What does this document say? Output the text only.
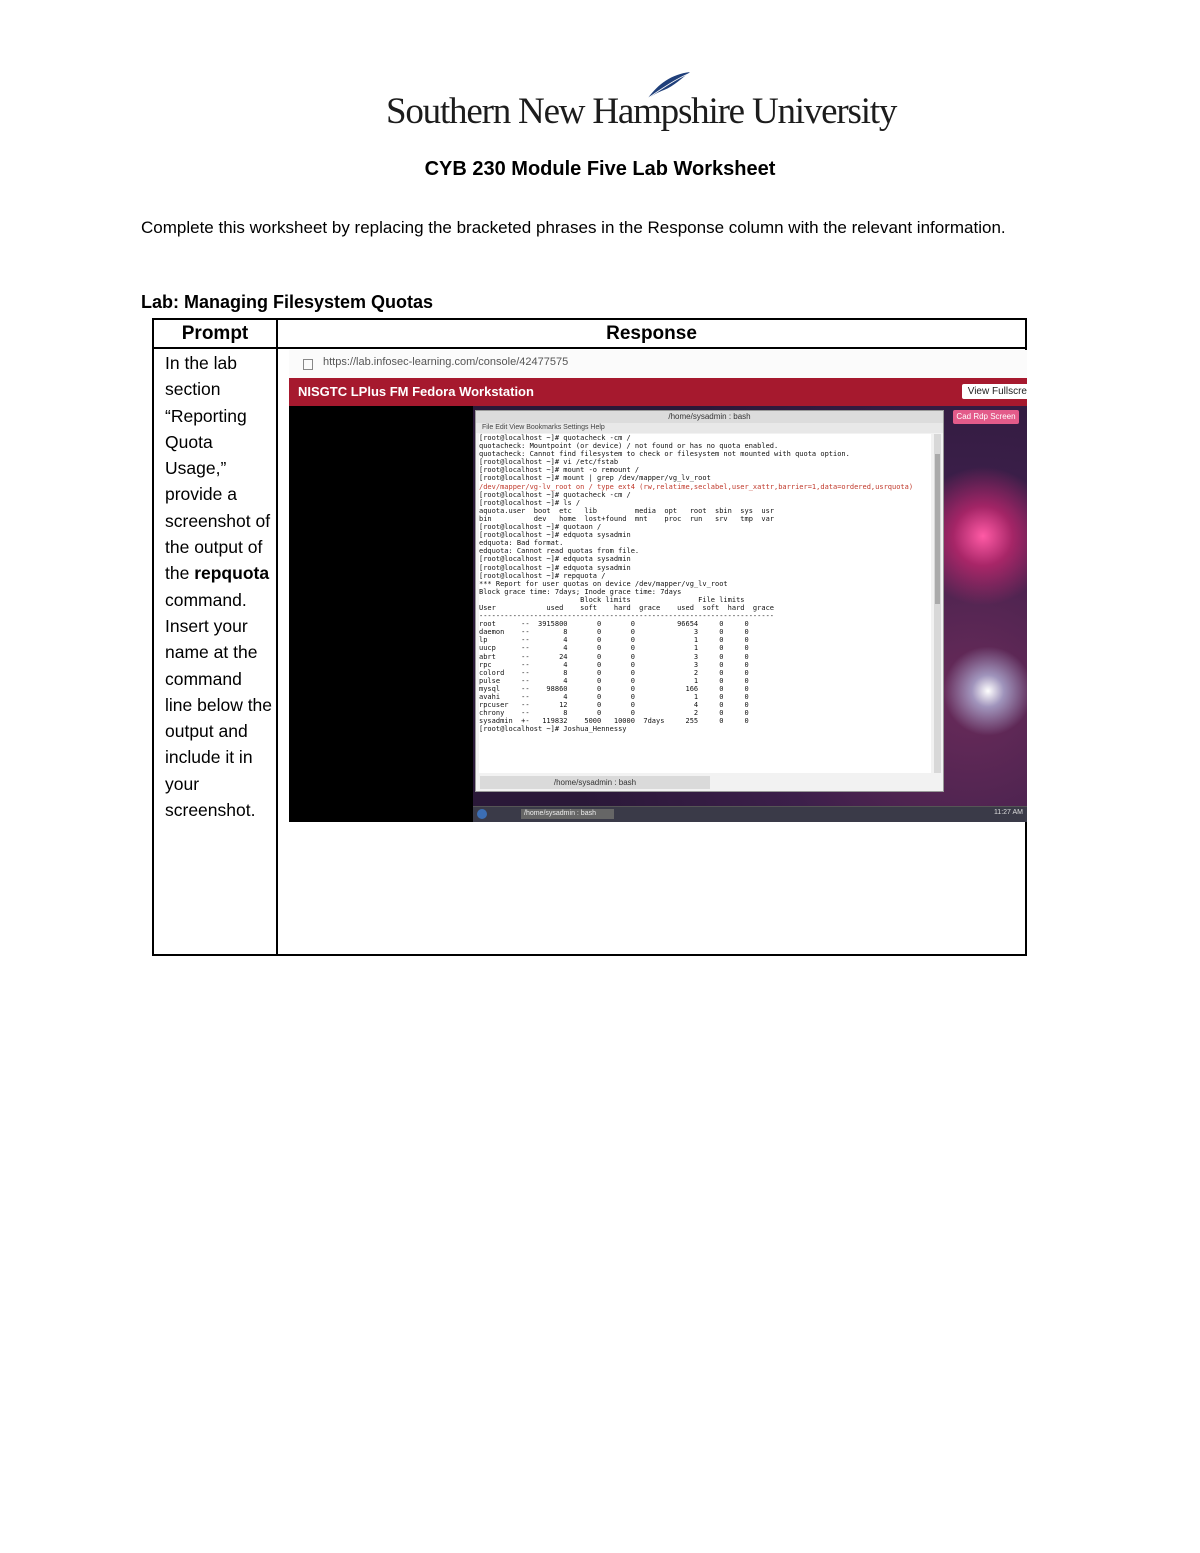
Southern New Hampshire University
CYB 230 Module Five Lab Worksheet
Complete this worksheet by replacing the bracketed phrases in the Response column with the relevant information.
Lab: Managing Filesystem Quotas
Prompt	Response
In the lab section “Reporting Quota Usage,” provide a screenshot of the output of the repquota command. Insert your name at the command line below the output and include it in your screenshot.
https://lab.infosec-learning.com/console/42477575
NISGTC LPlus FM Fedora Workstation	View Fullscre
Cad Rdp Screen
/home/sysadmin : bash
File Edit View Bookmarks Settings Help
[root@localhost ~]# quotacheck -cm /
quotacheck: Mountpoint (or device) / not found or has no quota enabled.
quotacheck: Cannot find filesystem to check or filesystem not mounted with quota option.
[root@localhost ~]# vi /etc/fstab
[root@localhost ~]# mount -o remount /
[root@localhost ~]# mount | grep /dev/mapper/vg_lv_root
/dev/mapper/vg-lv_root on / type ext4 (rw,relatime,seclabel,user_xattr,barrier=1,data=ordered,usrquota)
[root@localhost ~]# quotacheck -cm /
[root@localhost ~]# ls /
aquota.user  boot  etc   lib         media  opt   root  sbin  sys  usr
bin          dev   home  lost+found  mnt    proc  run   srv   tmp  var
[root@localhost ~]# quotaon /
[root@localhost ~]# edquota sysadmin
edquota: Bad format.
edquota: Cannot read quotas from file.
[root@localhost ~]# edquota sysadmin
[root@localhost ~]# edquota sysadmin
[root@localhost ~]# repquota /
*** Report for user quotas on device /dev/mapper/vg_lv_root
Block grace time: 7days; Inode grace time: 7days
Block limits                File limits
User            used    soft    hard  grace    used  soft  hard  grace
----------------------------------------------------------------------
root      --  3915800       0       0          96654     0     0
daemon    --        8       0       0              3     0     0
lp        --        4       0       0              1     0     0
uucp      --        4       0       0              1     0     0
abrt      --       24       0       0              3     0     0
rpc       --        4       0       0              3     0     0
colord    --        8       0       0              2     0     0
pulse     --        4       0       0              1     0     0
mysql     --    98860       0       0            166     0     0
avahi     --        4       0       0              1     0     0
rpcuser   --       12       0       0              4     0     0
chrony    --        8       0       0              2     0     0
sysadmin  +-   119832    5000   10000  7days     255     0     0
[root@localhost ~]# Joshua_Hennessy
/home/sysadmin : bash
/home/sysadmin : bash	11:27 AM
